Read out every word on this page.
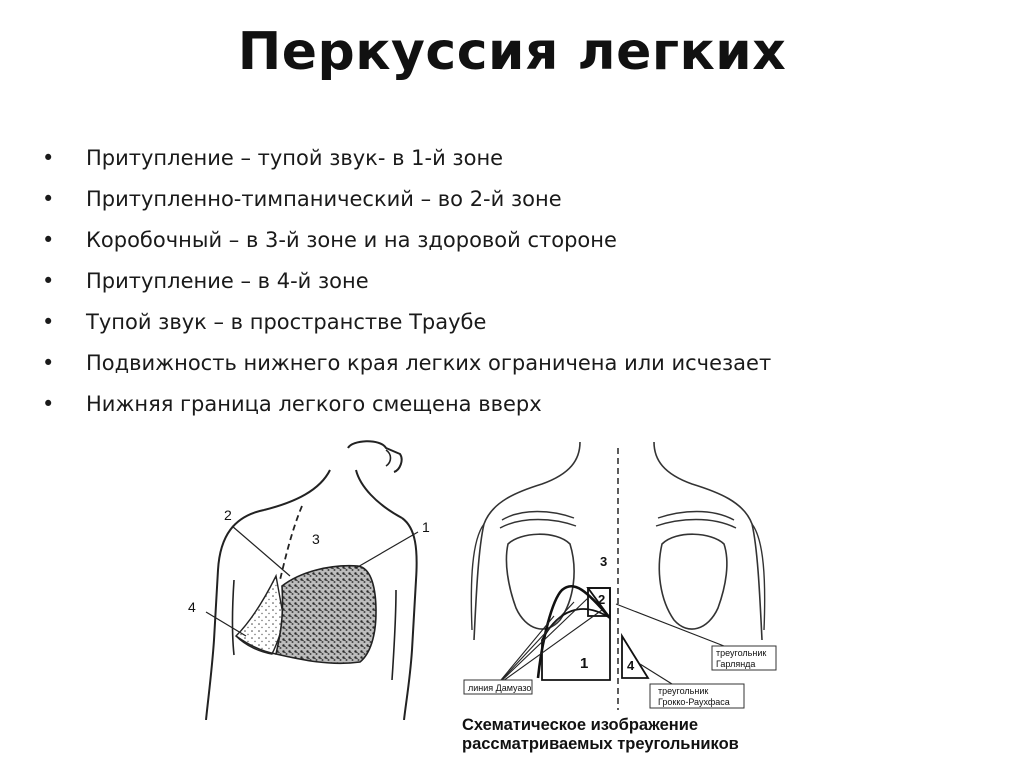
Перкуссия легких
• Притупление – тупой звук- в 1-й зоне
• Притупленно-тимпанический – во 2-й зоне
• Коробочный – в 3-й зоне и на здоровой стороне
• Притупление – в 4-й зоне
• Тупой звук – в пространстве Траубе
• Подвижность нижнего края легких ограничена или исчезает
• Нижняя граница легкого смещена вверх
1
2
3
4
линия Дамуазо
треугольник
Гарлянда
треугольник
Грокко-Раухфаса
1
2
3
4
Схематическое изображение
рассматриваемых треугольников
